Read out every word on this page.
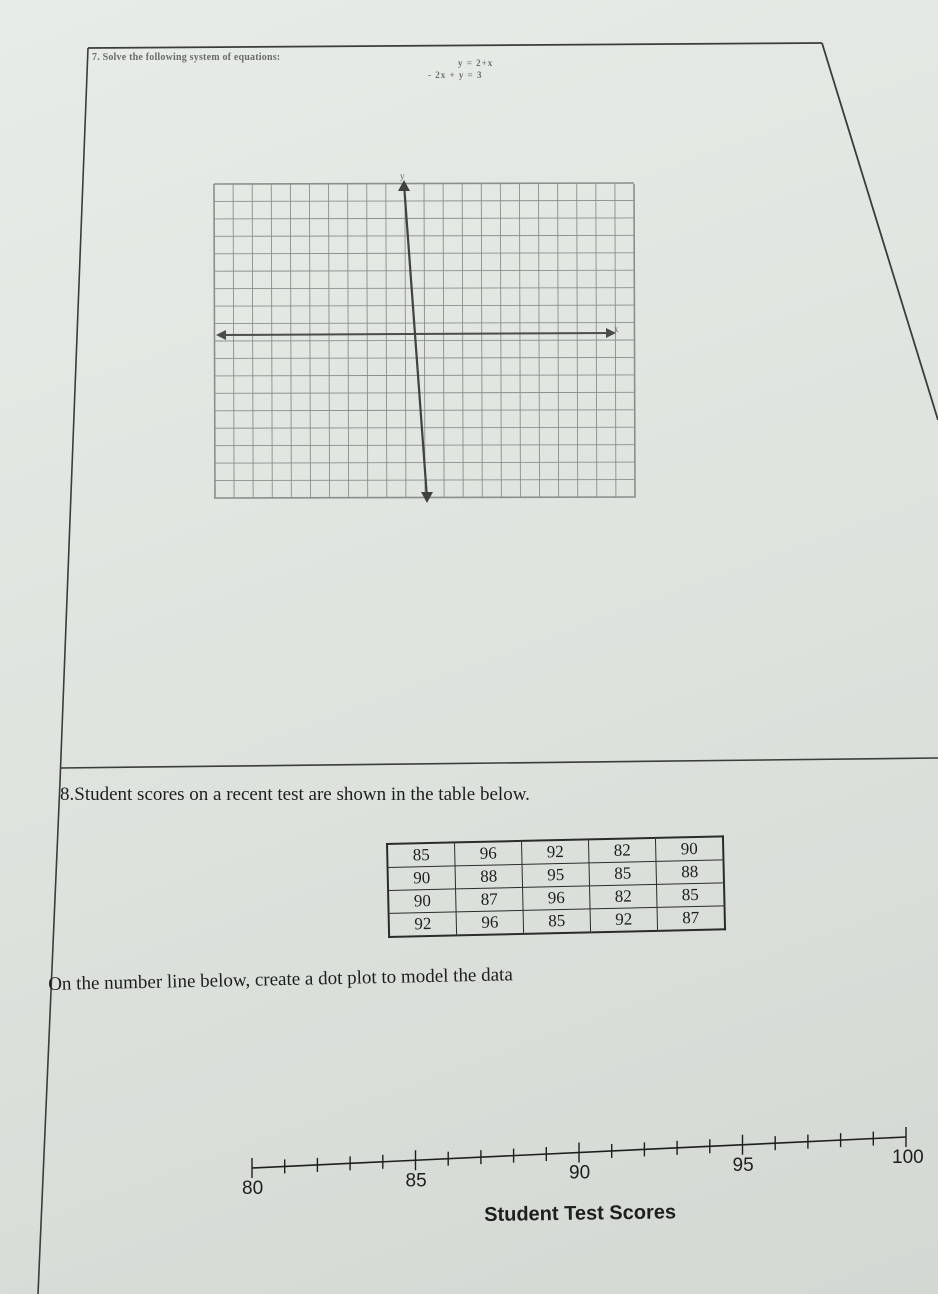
7. Solve the following system of equations:	y = 2+x
- 2x + y = 3
y
x
8.Student scores on a recent test are shown in the table below.
85	96	92	82	90
90	88	95	85	88
90	87	96	82	85
92	96	85	92	87
On the number line below, create a dot plot to model the data
80	85	90	95	100
Student Test Scores
